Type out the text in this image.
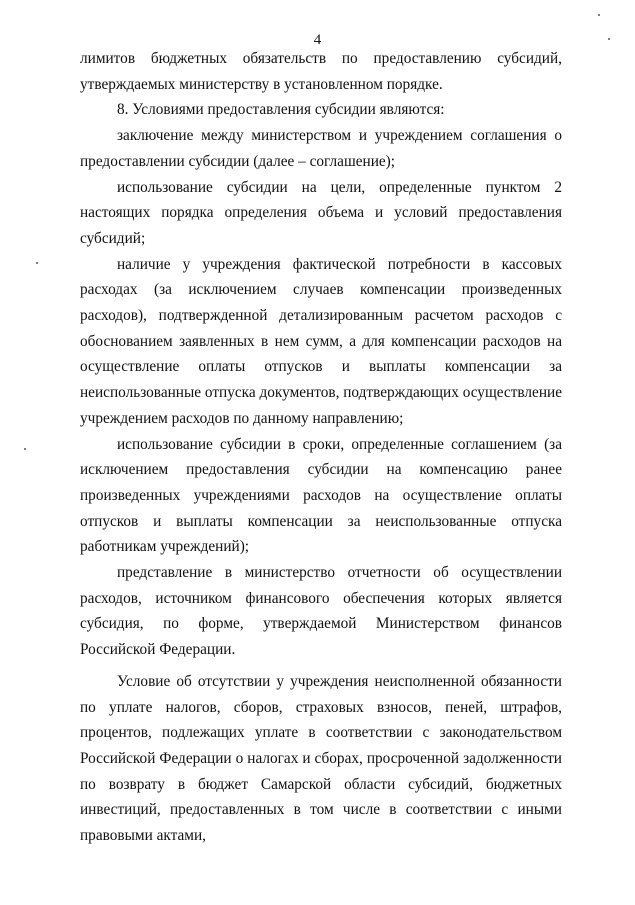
4

лимитов бюджетных обязательств по предоставлению субсидий, утверждаемых министерству в установленном порядке.

8. Условиями предоставления субсидии являются:

заключение между министерством и учреждением соглашения о предоставлении субсидии (далее – соглашение);

использование субсидии на цели, определенные пунктом 2 настоящих порядка определения объема и условий предоставления субсидий;

наличие у учреждения фактической потребности в кассовых расходах (за исключением случаев компенсации произведенных расходов), подтвержденной детализированным расчетом расходов с обоснованием заявленных в нем сумм, а для компенсации расходов на осуществление оплаты отпусков и выплаты компенсации за неиспользованные отпуска документов, подтверждающих осуществление учреждением расходов по данному направлению;

использование субсидии в сроки, определенные соглашением (за исключением предоставления субсидии на компенсацию ранее произведенных учреждениями расходов на осуществление оплаты отпусков и выплаты компенсации за неиспользованные отпуска работникам учреждений);

представление в министерство отчетности об осуществлении расходов, источником финансового обеспечения которых является субсидия, по форме, утверждаемой Министерством финансов Российской Федерации.

Условие об отсутствии у учреждения неисполненной обязанности по уплате налогов, сборов, страховых взносов, пеней, штрафов, процентов, подлежащих уплате в соответствии с законодательством Российской Федерации о налогах и сборах, просроченной задолженности по возврату в бюджет Самарской области субсидий, бюджетных инвестиций, предоставленных в том числе в соответствии с иными правовыми актами,
